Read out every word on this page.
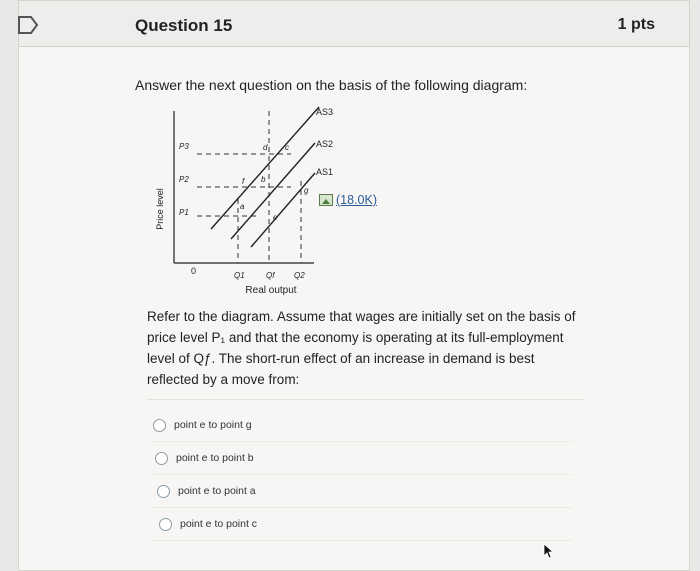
Question 15	1 pts
Answer the next question on the basis of the following diagram:
Price level
Real output
0
P3
P2
P1
Q1	Qf Q2
AS3
AS2
AS1
a
b
c
d
e
f
g
(18.0K)
Refer to the diagram. Assume that wages are initially set on the basis of price level P₁ and that the economy is operating at its full-employment level of Qƒ. The short-run effect of an increase in demand is best reflected by a move from:
point e to point g
point e to point b
point e to point a
point e to point c
